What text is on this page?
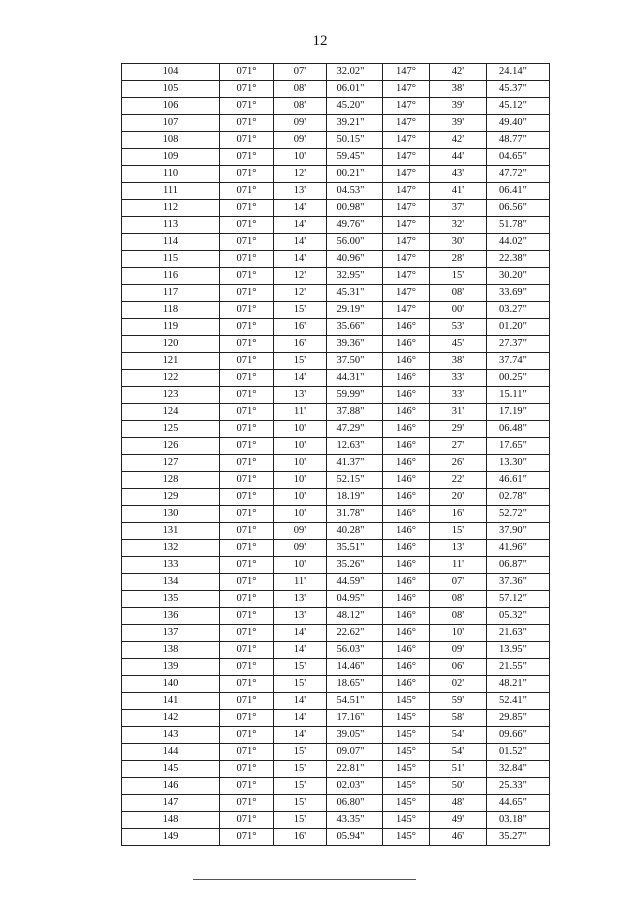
12
104	071°	07'	32.02"	147°	42'	24.14"
105	071°	08'	06.01"	147°	38'	45.37"
106	071°	08'	45.20"	147°	39'	45.12"
107	071°	09'	39.21"	147°	39'	49.40"
108	071°	09'	50.15"	147°	42'	48.77"
109	071°	10'	59.45"	147°	44'	04.65"
110	071°	12'	00.21"	147°	43'	47.72"
111	071°	13'	04.53"	147°	41'	06.41"
112	071°	14'	00.98"	147°	37'	06.56"
113	071°	14'	49.76"	147°	32'	51.78"
114	071°	14'	56.00"	147°	30'	44.02"
115	071°	14'	40.96"	147°	28'	22.38"
116	071°	12'	32.95"	147°	15'	30.20"
117	071°	12'	45.31"	147°	08'	33.69"
118	071°	15'	29.19"	147°	00'	03.27"
119	071°	16'	35.66"	146°	53'	01.20"
120	071°	16'	39.36"	146°	45'	27.37"
121	071°	15'	37.50"	146°	38'	37.74"
122	071°	14'	44.31"	146°	33'	00.25"
123	071°	13'	59.99"	146°	33'	15.11"
124	071°	11'	37.88"	146°	31'	17.19"
125	071°	10'	47.29"	146°	29'	06.48"
126	071°	10'	12.63"	146°	27'	17.65"
127	071°	10'	41.37"	146°	26'	13.30"
128	071°	10'	52.15"	146°	22'	46.61"
129	071°	10'	18.19"	146°	20'	02.78"
130	071°	10'	31.78"	146°	16'	52.72"
131	071°	09'	40.28"	146°	15'	37.90"
132	071°	09'	35.51"	146°	13'	41.96"
133	071°	10'	35.26"	146°	11'	06.87"
134	071°	11'	44.59"	146°	07'	37.36"
135	071°	13'	04.95"	146°	08'	57.12"
136	071°	13'	48.12"	146°	08'	05.32"
137	071°	14'	22.62"	146°	10'	21.63"
138	071°	14'	56.03"	146°	09'	13.95"
139	071°	15'	14.46"	146°	06'	21.55"
140	071°	15'	18.65"	146°	02'	48.21"
141	071°	14'	54.51"	145°	59'	52.41"
142	071°	14'	17.16"	145°	58'	29.85"
143	071°	14'	39.05"	145°	54'	09.66"
144	071°	15'	09.07"	145°	54'	01.52"
145	071°	15'	22.81"	145°	51'	32.84"
146	071°	15'	02.03"	145°	50'	25.33"
147	071°	15'	06.80"	145°	48'	44.65"
148	071°	15'	43.35"	145°	49'	03.18"
149	071°	16'	05.94"	145°	46'	35.27"
